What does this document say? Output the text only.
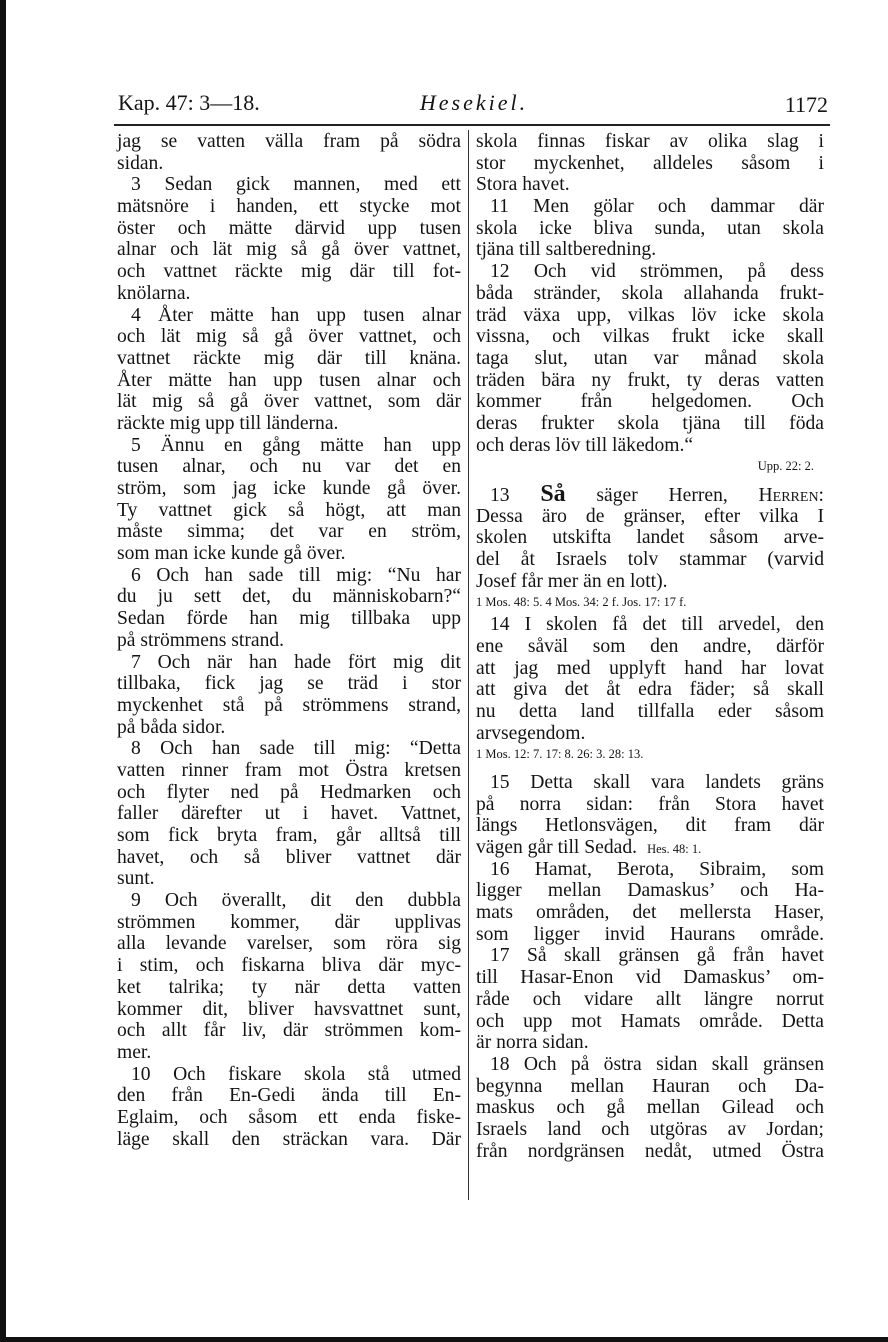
Kap. 47: 3—18.	Hesekiel.	1172
jag se vatten välla fram på södra
sidan.
3 Sedan gick mannen, med ett
mätsnöre i handen, ett stycke mot
öster och mätte därvid upp tusen
alnar och lät mig så gå över vattnet,
och vattnet räckte mig där till fot-
knölarna.
4 Åter mätte han upp tusen alnar
och lät mig så gå över vattnet, och
vattnet räckte mig där till knäna.
Åter mätte han upp tusen alnar och
lät mig så gå över vattnet, som där
räckte mig upp till länderna.
5 Ännu en gång mätte han upp
tusen alnar, och nu var det en
ström, som jag icke kunde gå över.
Ty vattnet gick så högt, att man
måste simma; det var en ström,
som man icke kunde gå över.
6 Och han sade till mig: “Nu har
du ju sett det, du människobarn?“
Sedan förde han mig tillbaka upp
på strömmens strand.
7 Och när han hade fört mig dit
tillbaka, fick jag se träd i stor
myckenhet stå på strömmens strand,
på båda sidor.
8 Och han sade till mig: “Detta
vatten rinner fram mot Östra kretsen
och flyter ned på Hedmarken och
faller därefter ut i havet. Vattnet,
som fick bryta fram, går alltså till
havet, och så bliver vattnet där
sunt.
9 Och överallt, dit den dubbla
strömmen kommer, där upplivas
alla levande varelser, som röra sig
i stim, och fiskarna bliva där myc-
ket talrika; ty när detta vatten
kommer dit, bliver havsvattnet sunt,
och allt får liv, där strömmen kom-
mer.
10 Och fiskare skola stå utmed
den från En-Gedi ända till En-
Eglaim, och såsom ett enda fiske-
läge skall den sträckan vara. Där
skola finnas fiskar av olika slag i
stor myckenhet, alldeles såsom i
Stora havet.
11 Men gölar och dammar där
skola icke bliva sunda, utan skola
tjäna till saltberedning.
12 Och vid strömmen, på dess
båda stränder, skola allahanda frukt-
träd växa upp, vilkas löv icke skola
vissna, och vilkas frukt icke skall
taga slut, utan var månad skola
träden bära ny frukt, ty deras vatten
kommer från helgedomen. Och
deras frukter skola tjäna till föda
och deras löv till läkedom.“
Upp. 22: 2.
13 Så säger Herren, Herren:
Dessa äro de gränser, efter vilka I
skolen utskifta landet såsom arve-
del åt Israels tolv stammar (varvid
Josef får mer än en lott).
1 Mos. 48: 5. 4 Mos. 34: 2 f. Jos. 17: 17 f.
14 I skolen få det till arvedel, den
ene såväl som den andre, därför
att jag med upplyft hand har lovat
att giva det åt edra fäder; så skall
nu detta land tillfalla eder såsom
arvsegendom.
1 Mos. 12: 7. 17: 8. 26: 3. 28: 13.
15 Detta skall vara landets gräns
på norra sidan: från Stora havet
längs Hetlonsvägen, dit fram där
vägen går till Sedad. Hes. 48: 1.
16 Hamat, Berota, Sibraim, som
ligger mellan Damaskus’ och Ha-
mats områden, det mellersta Haser,
som ligger invid Haurans område.
17 Så skall gränsen gå från havet
till Hasar-Enon vid Damaskus’ om-
råde och vidare allt längre norrut
och upp mot Hamats område. Detta
är norra sidan.
18 Och på östra sidan skall gränsen
begynna mellan Hauran och Da-
maskus och gå mellan Gilead och
Israels land och utgöras av Jordan;
från nordgränsen nedåt, utmed Östra
